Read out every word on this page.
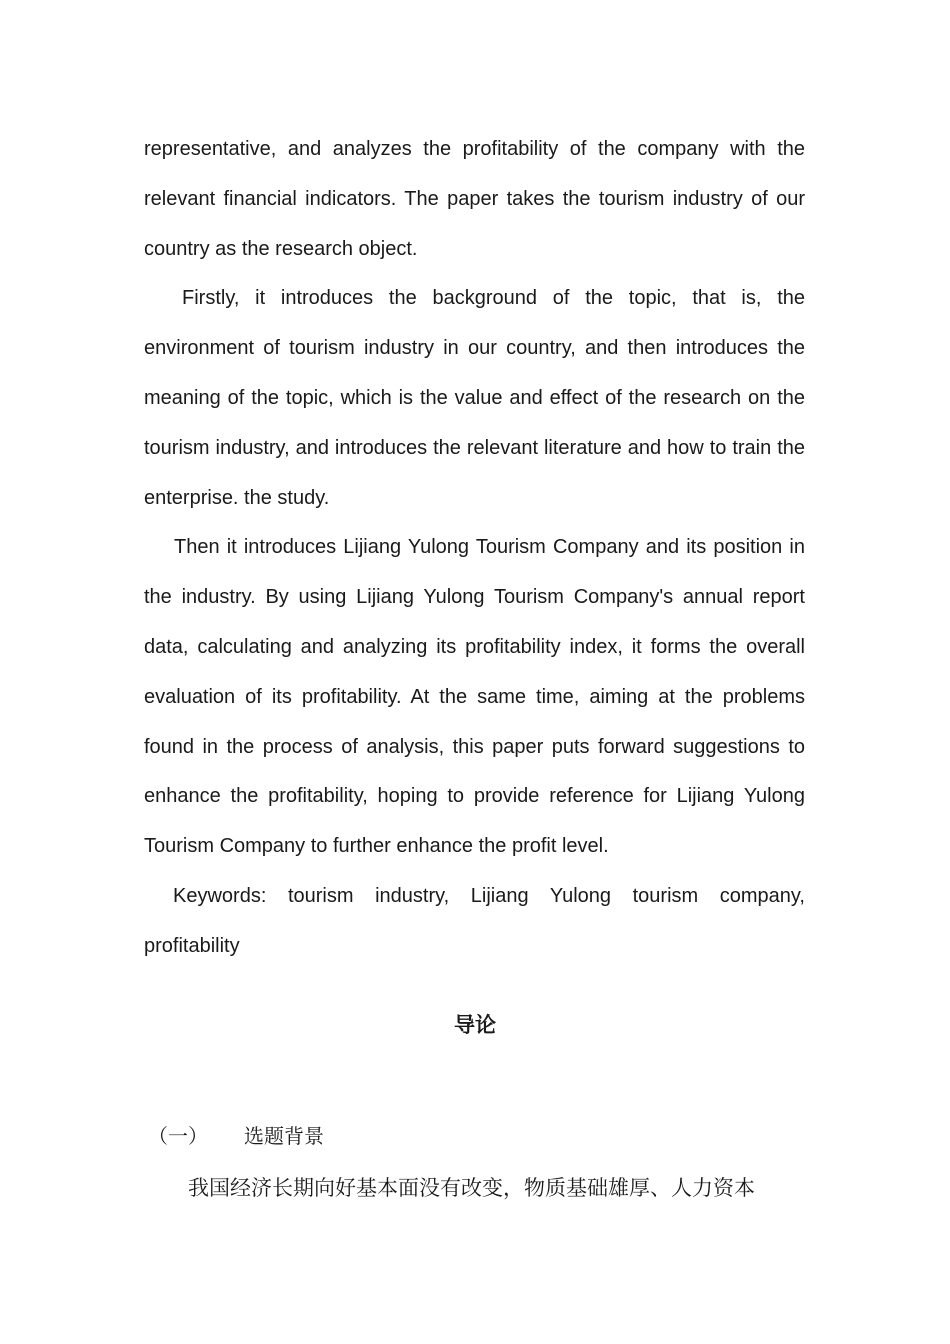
representative, and analyzes the profitability of the company with the relevant financial indicators. The paper takes the tourism industry of our country as the research object.

Firstly, it introduces the background of the topic, that is, the environment of tourism industry in our country, and then introduces the meaning of the topic, which is the value and effect of the research on the tourism industry, and introduces the relevant literature and how to train the enterprise. the study.

Then it introduces Lijiang Yulong Tourism Company and its position in the industry. By using Lijiang Yulong Tourism Company's annual report data, calculating and analyzing its profitability index, it forms the overall evaluation of its profitability. At the same time, aiming at the problems found in the process of analysis, this paper puts forward suggestions to enhance the profitability, hoping to provide reference for Lijiang Yulong Tourism Company to further enhance the profit level.

Keywords: tourism industry, Lijiang Yulong tourism company, profitability

导论
（一） 选题背景

我国经济长期向好基本面没有改变，物质基础雄厚、人力资本
